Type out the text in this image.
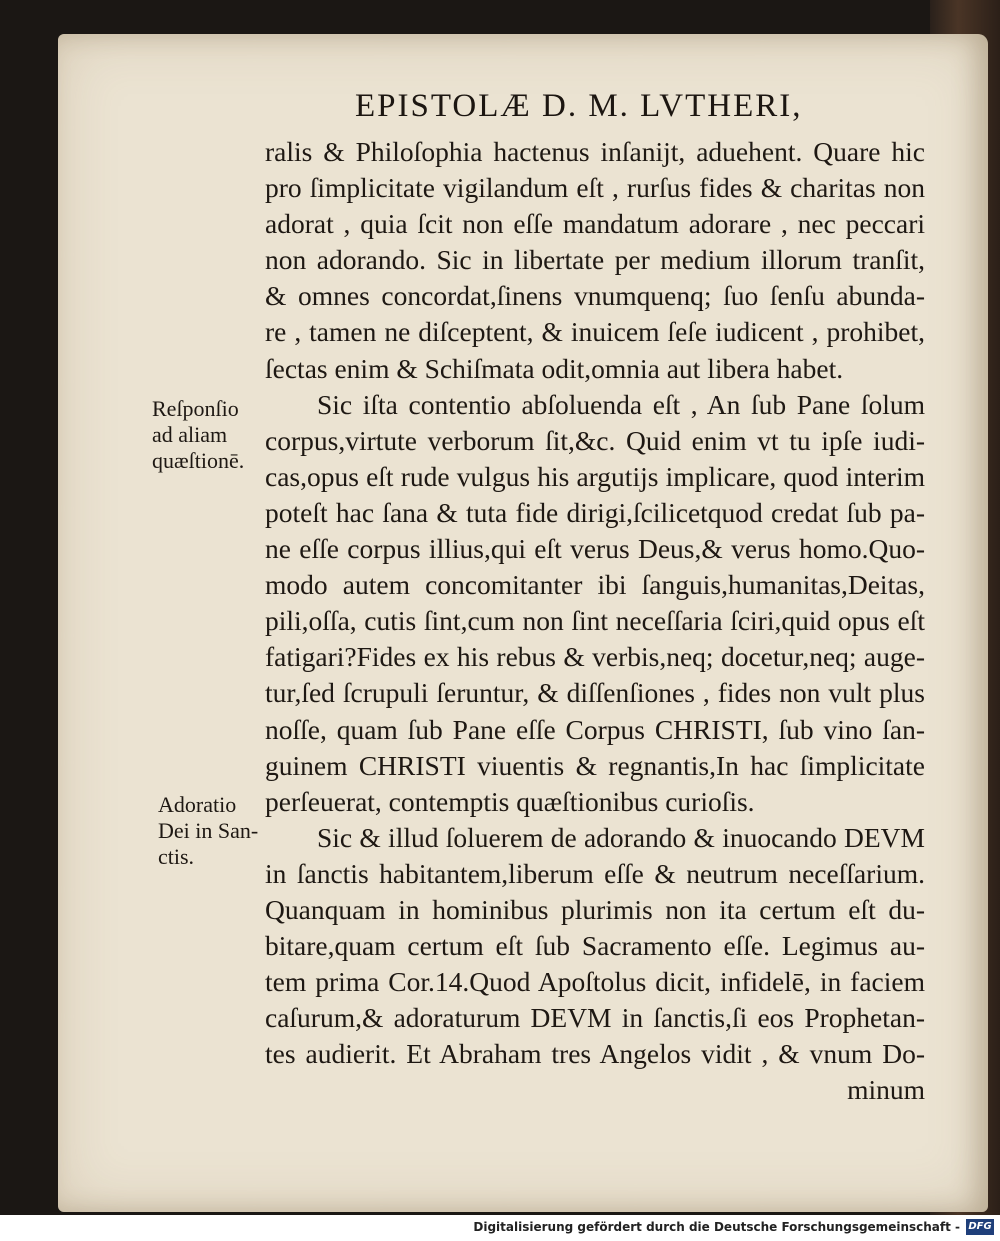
EPISTOLÆ D. M. LVTHERI,
ralis & Philoſophia hactenus inſanijt, aduehent. Quare hic
pro ſimplicitate vigilandum eſt , rurſus fides & charitas non
adorat , quia ſcit non eſſe mandatum adorare , nec peccari
non adorando. Sic in libertate per medium illorum tranſit,
& omnes concordat,ſinens vnumquenq; ſuo ſenſu abunda-
re , tamen ne diſceptent, & inuicem ſeſe iudicent , prohibet,
ſectas enim & Schiſmata odit,omnia aut libera habet.
Sic iſta contentio abſoluenda eſt , An ſub Pane ſolum
corpus,virtute verborum ſit,&c. Quid enim vt tu ipſe iudi-
cas,opus eſt rude vulgus his argutijs implicare, quod interim
poteſt hac ſana & tuta fide dirigi,ſcilicetquod credat ſub pa-
ne eſſe corpus illius,qui eſt verus Deus,& verus homo.Quo-
modo autem concomitanter ibi ſanguis,humanitas,Deitas,
pili,oſſa, cutis ſint,cum non ſint neceſſaria ſciri,quid opus eſt
fatigari?Fides ex his rebus & verbis,neq; docetur,neq; auge-
tur,ſed ſcrupuli ſeruntur, & diſſenſiones , fides non vult plus
noſſe, quam ſub Pane eſſe Corpus CHRISTI, ſub vino ſan-
guinem CHRISTI viuentis & regnantis,In hac ſimplicitate
perſeuerat, contemptis quæſtionibus curioſis.
Sic & illud ſoluerem de adorando & inuocando DEVM
in ſanctis habitantem,liberum eſſe & neutrum neceſſarium.
Quanquam in hominibus plurimis non ita certum eſt du-
bitare,quam certum eſt ſub Sacramento eſſe. Legimus au-
tem prima Cor.14.Quod Apoſtolus dicit, infidelē, in faciem
caſurum,& adoraturum DEVM in ſanctis,ſi eos Prophetan-
tes audierit. Et Abraham tres Angelos vidit , & vnum Do-
minum
Reſponſio
ad aliam
quæſtionē.
Adoratio
Dei in San-
ctis.
Digitalisierung gefördert durch die Deutsche Forschungsgemeinschaft - DFG
